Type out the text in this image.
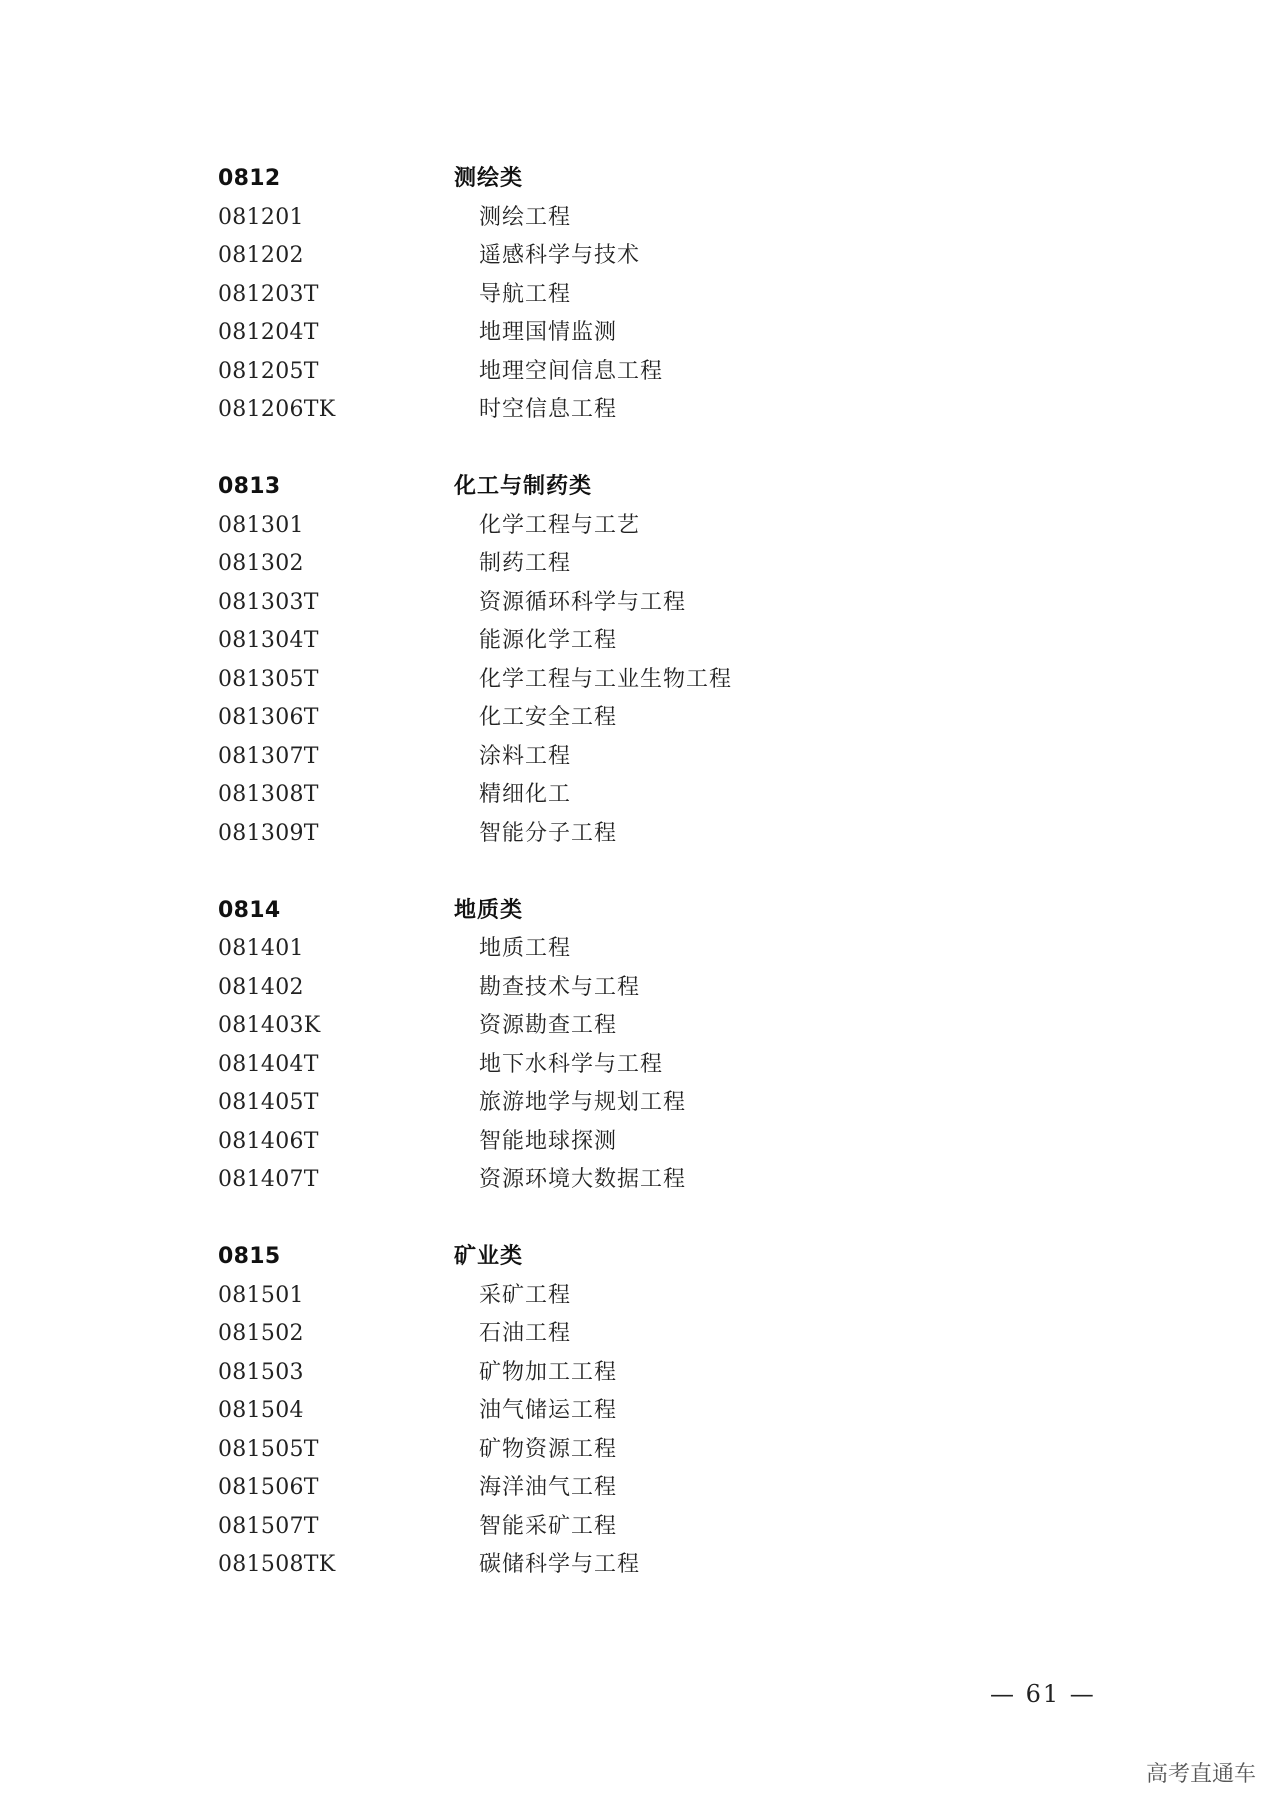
0812	测绘类
081201	测绘工程
081202	遥感科学与技术
081203T	导航工程
081204T	地理国情监测
081205T	地理空间信息工程
081206TK	时空信息工程
0813	化工与制药类
081301	化学工程与工艺
081302	制药工程
081303T	资源循环科学与工程
081304T	能源化学工程
081305T	化学工程与工业生物工程
081306T	化工安全工程
081307T	涂料工程
081308T	精细化工
081309T	智能分子工程
0814	地质类
081401	地质工程
081402	勘查技术与工程
081403K	资源勘查工程
081404T	地下水科学与工程
081405T	旅游地学与规划工程
081406T	智能地球探测
081407T	资源环境大数据工程
0815	矿业类
081501	采矿工程
081502	石油工程
081503	矿物加工工程
081504	油气储运工程
081505T	矿物资源工程
081506T	海洋油气工程
081507T	智能采矿工程
081508TK	碳储科学与工程
— 61 —
高考直通车
